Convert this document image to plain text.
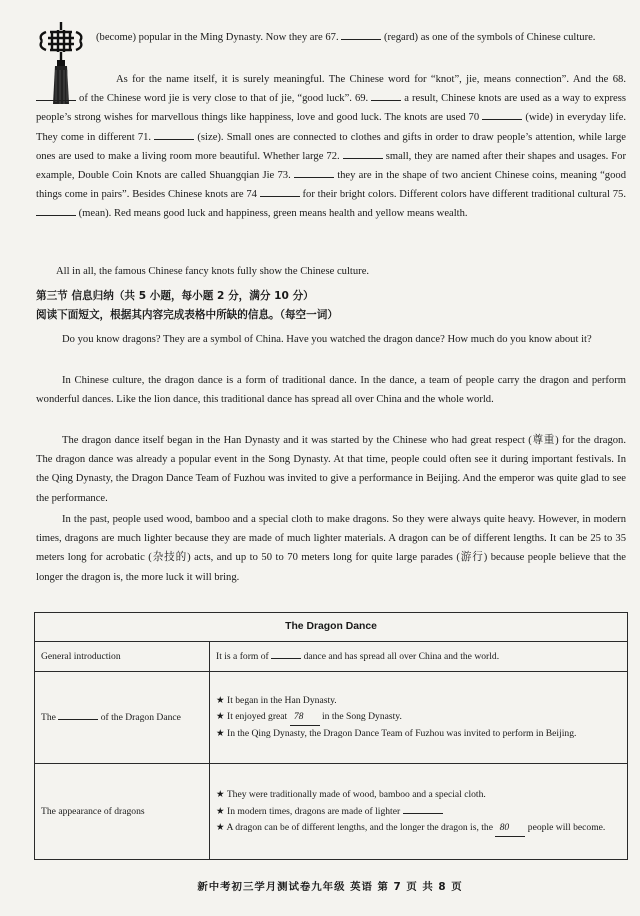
(become) popular in the Ming Dynasty. Now they are 67.	(regard) as one of the symbols of Chinese culture.

As for the name itself, it is surely meaningful. The Chinese word for “knot”, jie, means connection”. And the 68. of the Chinese word jie is very close to that of jie, “good luck”. 69.	a result, Chinese knots are used as a way to express people’s strong wishes for marvellous things like happiness, love and good luck. The knots are used 70	(wide) in everyday life. They come in different 71.	(size). Small ones are connected to clothes and gifts in order to draw people’s attention, while large ones are used to make a living room more beautiful. Whether large 72.	small, they are named after their shapes and usages. For example, Double Coin Knots are called Shuangqian Jie 73.	they are in the shape of two ancient Chinese coins, meaning “good things come in pairs”. Besides Chinese knots are 74	for their bright colors. Different colors have different traditional cultural 75.  (mean). Red means good luck and happiness, green means health and yellow means wealth.

All in all, the famous Chinese fancy knots fully show the Chinese culture.

第三节 信息归纳（共 5 小题，每小题 2 分，满分 10 分）
阅读下面短文，根据其内容完成表格中所缺的信息。（每空一词）

Do you know dragons? They are a symbol of China. Have you watched the dragon dance? How much do you know about it?

In Chinese culture, the dragon dance is a form of traditional dance. In the dance, a team of people carry the dragon and perform wonderful dances. Like the lion dance, this traditional dance has spread all over China and the whole world.

The dragon dance itself began in the Han Dynasty and it was started by the Chinese who had great respect (尊重) for the dragon. The dragon dance was already a popular event in the Song Dynasty. At that time, people could often see it during important festivals. In the Qing Dynasty, the Dragon Dance Team of Fuzhou was invited to give a performance in Beijing. And the emperor was quite glad to see the performance.

In the past, people used wood, bamboo and a special cloth to make dragons. So they were always quite heavy. However, in modern times, dragons are much lighter because they are made of much lighter materials. A dragon can be of different lengths. It can be 25 to 35 meters long for acrobatic (杂技的) acts, and up to 50 to 70 meters long for quite large parades (游行) because people believe that the longer the dragon is, the more luck it will bring.

The Dragon Dance	
General introduction	It is a form of dance and has spread all over China and the world.
The of the Dragon Dance	★ It began in the Han Dynasty.
★ It enjoyed great 78 in the Song Dynasty.
★ In the Qing Dynasty, the Dragon Dance Team of Fuzhou was invited to perform in Beijing.

The appearance of dragons	★ They were traditionally made of wood, bamboo and a special cloth.
★ In modern times, dragons are made of lighter
★ A dragon can be of different lengths, and the longer the dragon is, the 80 people will become.
新中考初三学月测试卷九年级 英语 第 7 页 共 8 页
